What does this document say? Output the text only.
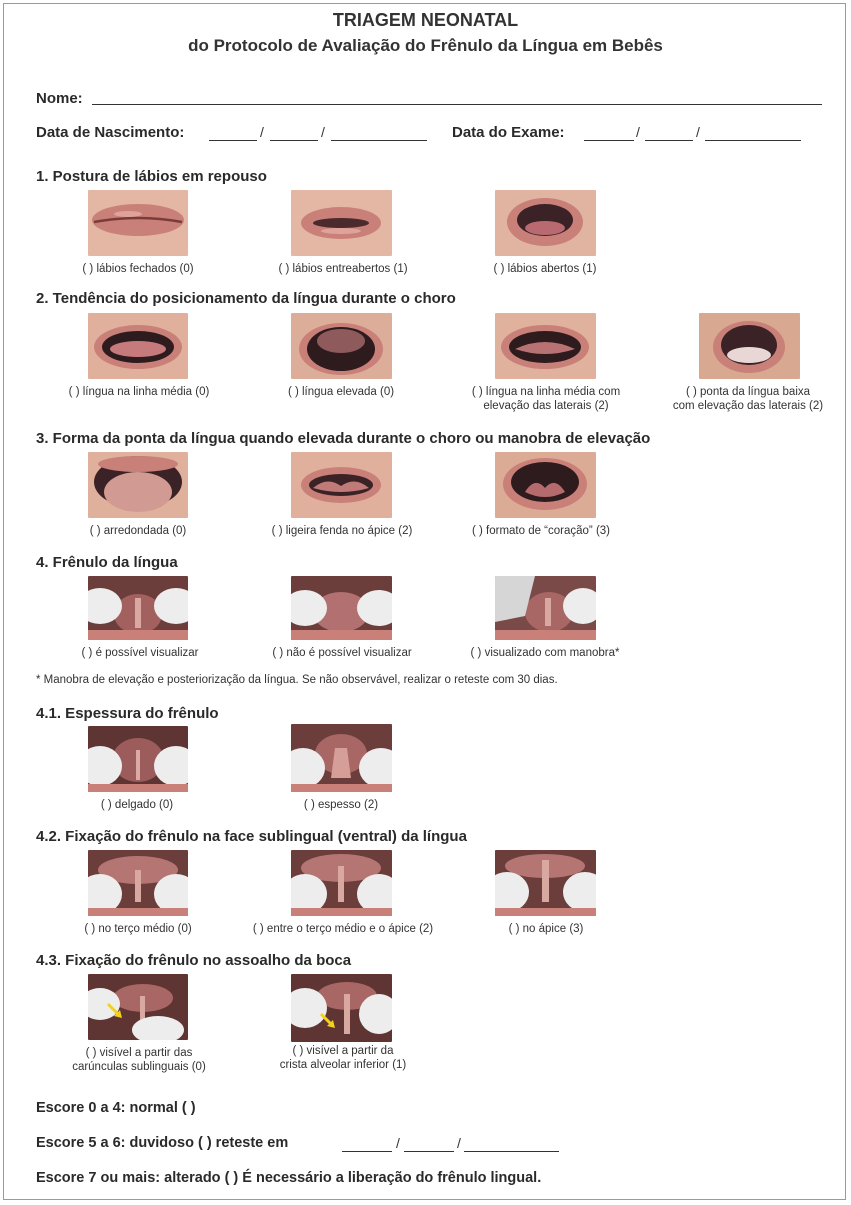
TRIAGEM NEONATAL
do Protocolo de Avaliação do Frênulo da Língua em Bebês
Nome:
Data de Nascimento:	/	/	Data do Exame:	/	/
1. Postura de lábios em repouso
( ) lábios fechados (0)	( ) lábios entreabertos (1)	( ) lábios abertos (1)
2. Tendência do posicionamento da língua durante o choro
( ) língua na linha média (0)	( ) língua elevada (0)	( ) língua na linha média com
elevação das laterais (2)
( ) ponta da língua baixa
com elevação das laterais (2)
3. Forma da ponta da língua quando elevada durante o choro ou manobra de elevação
( ) arredondada (0)	( ) ligeira fenda no ápice (2)	( ) formato de “coração” (3)
4. Frênulo da língua
( ) é possível visualizar	( ) não é possível visualizar	( ) visualizado com manobra*
* Manobra de elevação e posteriorização da língua. Se não observável, realizar o reteste com 30 dias.
4.1. Espessura do frênulo
( ) delgado (0)	( ) espesso (2)
4.2. Fixação do frênulo na face sublingual (ventral) da língua
( ) no terço médio (0)	( ) entre o terço médio e o ápice (2)	( ) no ápice (3)
4.3. Fixação do frênulo no assoalho da boca
( ) visível a partir das
carúnculas sublinguais (0)
( ) visível a partir da
crista alveolar inferior (1)
Escore 0 a 4: normal ( )
Escore 5 a 6: duvidoso ( ) reteste em	/	/
Escore 7 ou mais: alterado ( ) É necessário a liberação do frênulo lingual.
